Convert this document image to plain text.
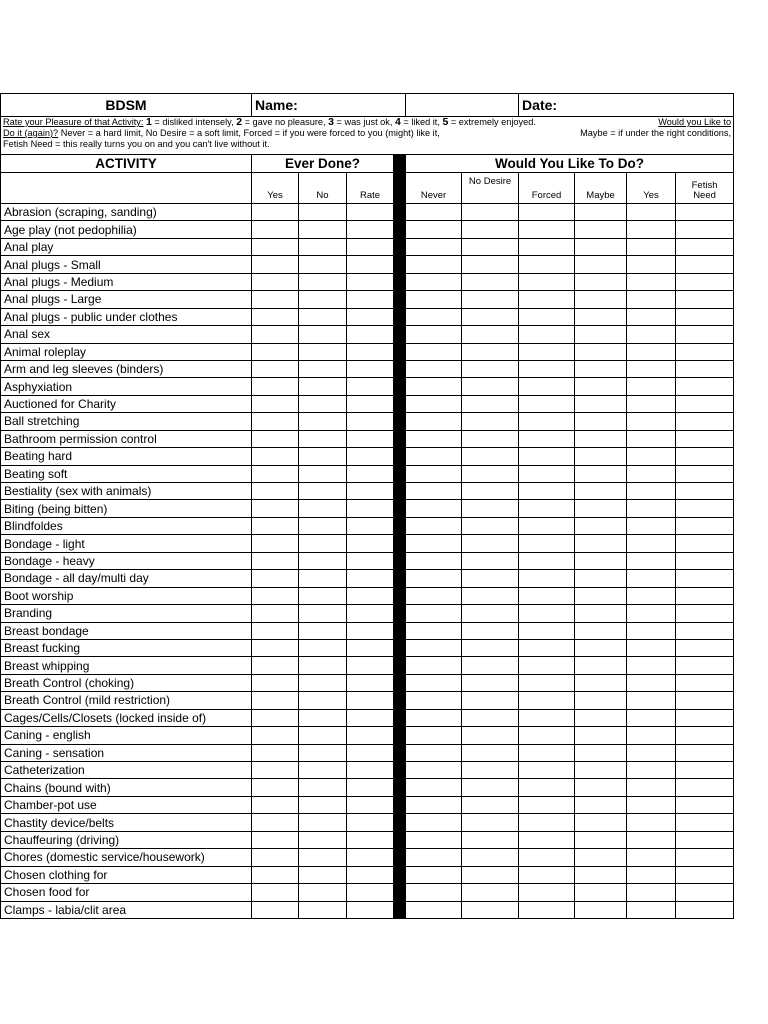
BDSM	Name:						Date:			

Rate your Pleasure of that Activity: 1 = disliked intensely, 2 = gave no pleasure, 3 = was just ok, 4 = liked it, 5 = extremely enjoyed. Would you Like to

Do it (again)? Never = a hard limit, No Desire = a soft limit, Forced = if you were forced to you (might) like it, Maybe = if under the right conditions,

Fetish Need = this really turns you on and you can't live without it.										

ACTIVITY	Ever Done?				Would You Like To Do?					
	Yes	No	Rate		Never	No Desire	Forced	Maybe	Yes	Fetish
Need
Abrasion (scraping, sanding)										
Age play (not pedophilia)										
Anal play										
Anal plugs - Small										
Anal plugs - Medium										
Anal plugs - Large										
Anal plugs - public under clothes										
Anal sex										
Animal roleplay										
Arm and leg sleeves (binders)										
Asphyxiation										
Auctioned for Charity										
Ball stretching										
Bathroom permission control										
Beating hard										
Beating soft										
Bestiality (sex with animals)										
Biting (being bitten)										
Blindfoldes										
Bondage - light										
Bondage - heavy										
Bondage - all day/multi day										
Boot worship										
Branding										
Breast bondage										
Breast fucking										
Breast whipping										
Breath Control (choking)										
Breath Control (mild restriction)										
Cages/Cells/Closets (locked inside of)										
Caning - english										
Caning - sensation										
Catheterization										
Chains (bound with)										
Chamber-pot use										
Chastity device/belts										
Chauffeuring (driving)										
Chores (domestic service/housework)										
Chosen clothing for										
Chosen food for										
Clamps - labia/clit area										
